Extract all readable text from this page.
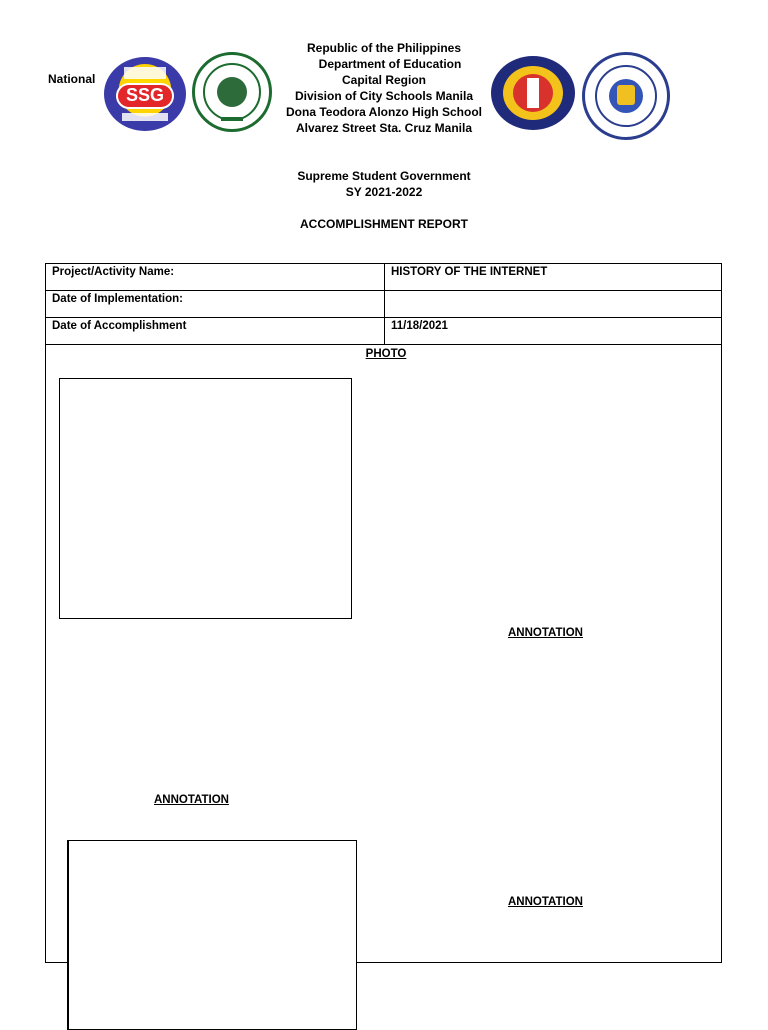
National
SSG
Republic of the Philippines
Department of Education
Capital Region
Division of City Schools Manila
Dona Teodora Alonzo High School
Alvarez Street Sta. Cruz Manila
Supreme Student Government
SY 2021-2022
ACCOMPLISHMENT REPORT
Project/Activity Name:	HISTORY OF THE INTERNET
Date of Implementation:	
Date of Accomplishment	11/18/2021
PHOTO
ANNOTATION
ANNOTATION
ANNOTATION
